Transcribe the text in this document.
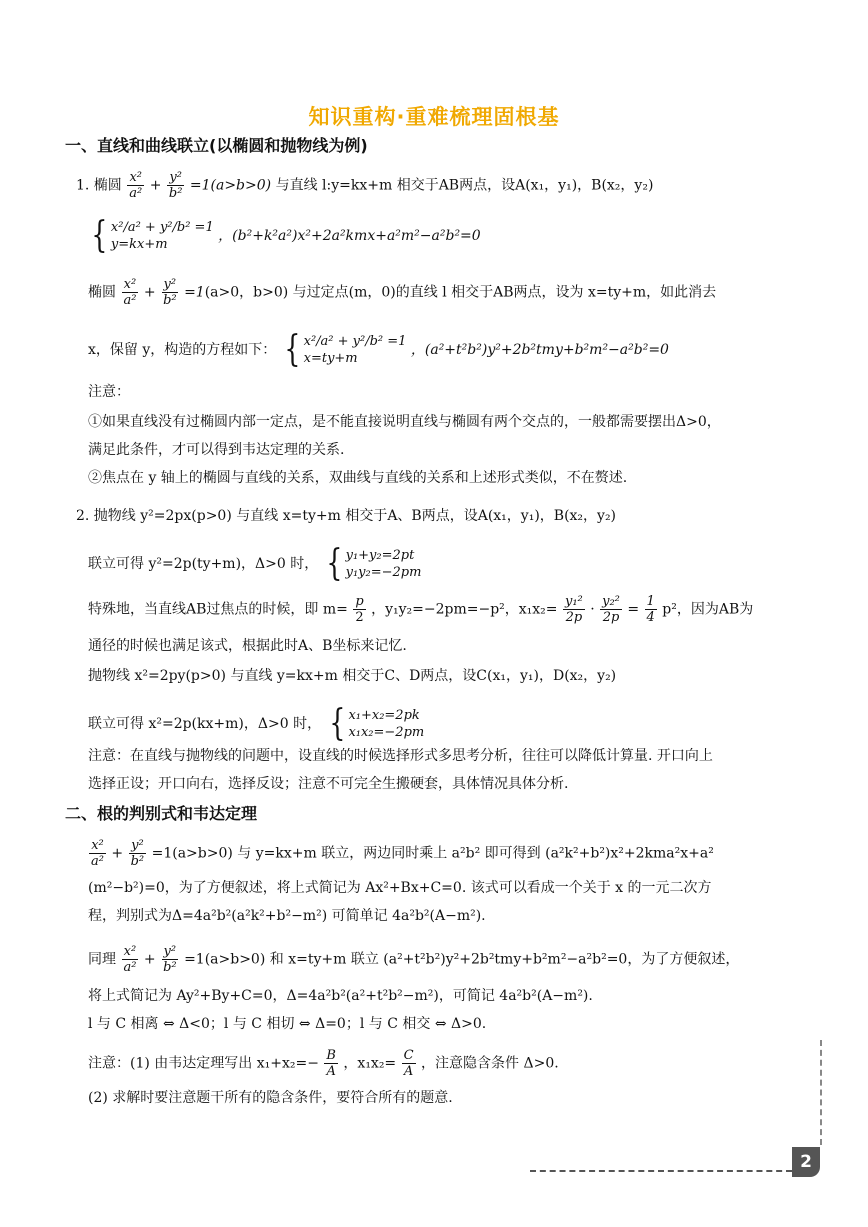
知识重构·重难梳理固根基
一、直线和曲线联立(以椭圆和抛物线为例)
1. 椭圆 $\frac{\text{x²}}{\text{a²}} + \frac{\text{y²}}{\text{b²}} =1(a>b>0)$ 与直线 l:y=kx+m 相交于AB两点，设A(x₁，y₁)，B(x₂，y₂)
{ x²/a² + y²/b² =1
y=kx+m
，(b²+k²a²)x²+2a²kmx+a²m²−a²b²=0
椭圆 $\frac{\text{x²}}{\text{a²}} + \frac{\text{y²}}{\text{b²}} =1(a>0$，b>0) 与过定点(m，0)的直线 l 相交于AB两点，设为 x=ty+m，如此消去
x，保留 y，构造的方程如下： { x²/a² + y²/b² =1
x=ty+m
，(a²+t²b²)y²+2b²tmy+b²m²−a²b²=0
注意：
①如果直线没有过椭圆内部一定点，是不能直接说明直线与椭圆有两个交点的，一般都需要摆出Δ>0，
满足此条件，才可以得到韦达定理的关系.
②焦点在 y 轴上的椭圆与直线的关系，双曲线与直线的关系和上述形式类似，不在赘述.
2. 抛物线 y²=2px(p>0) 与直线 x=ty+m 相交于A、B两点，设A(x₁，y₁)，B(x₂，y₂)
联立可得 y²=2p(ty+m)，Δ>0 时， { y₁+y₂=2pt
y₁y₂=−2pm
特殊地，当直线AB过焦点的时候，即 $m= \frac{p}{2}$ ，y₁y₂=−2pm=−p²，$x_1x_2= \frac{\text{y₁²}}{2p} \cdot \frac{\text{y₂²}}{2p} = \frac{1}{4} p^2$，因为AB为
通径的时候也满足该式，根据此时A、B坐标来记忆.
抛物线 x²=2py(p>0) 与直线 y=kx+m 相交于C、D两点，设C(x₁，y₁)，D(x₂，y₂)
联立可得 x²=2p(kx+m)，Δ>0 时， { x₁+x₂=2pk
x₁x₂=−2pm
注意：在直线与抛物线的问题中，设直线的时候选择形式多思考分析，往往可以降低计算量. 开口向上
选择正设；开口向右，选择反设；注意不可完全生搬硬套，具体情况具体分析.
二、根的判别式和韦达定理
$\frac{\text{x²}}{\text{a²}} + \frac{\text{y²}}{\text{b²}} =1(a>b>0)$ 与 y=kx+m 联立，两边同时乘上 a²b² 即可得到 (a²k²+b²)x²+2kma²x+a²
(m²−b²)=0，为了方便叙述，将上式简记为 Ax²+Bx+C=0. 该式可以看成一个关于 x 的一元二次方
程，判别式为Δ=4a²b²(a²k²+b²−m²) 可简单记 4a²b²(A−m²).
同理 $\frac{\text{x²}}{\text{a²}} + \frac{\text{y²}}{\text{b²}} =1(a>b>0)$ 和 x=ty+m 联立 (a²+t²b²)y²+2b²tmy+b²m²−a²b²=0，为了方便叙述，
将上式简记为 Ay²+By+C=0，Δ=4a²b²(a²+t²b²−m²)，可简记 4a²b²(A−m²).
l 与 C 相离 ⇔ Δ<0；l 与 C 相切 ⇔ Δ=0；l 与 C 相交 ⇔ Δ>0.
注意：(1) 由韦达定理写出 $x_1+x_2=- \frac{B}{A}$ ，$x_1x_2= \frac{C}{A}$ ，注意隐含条件 Δ>0.
(2) 求解时要注意题干所有的隐含条件，要符合所有的题意.
2
